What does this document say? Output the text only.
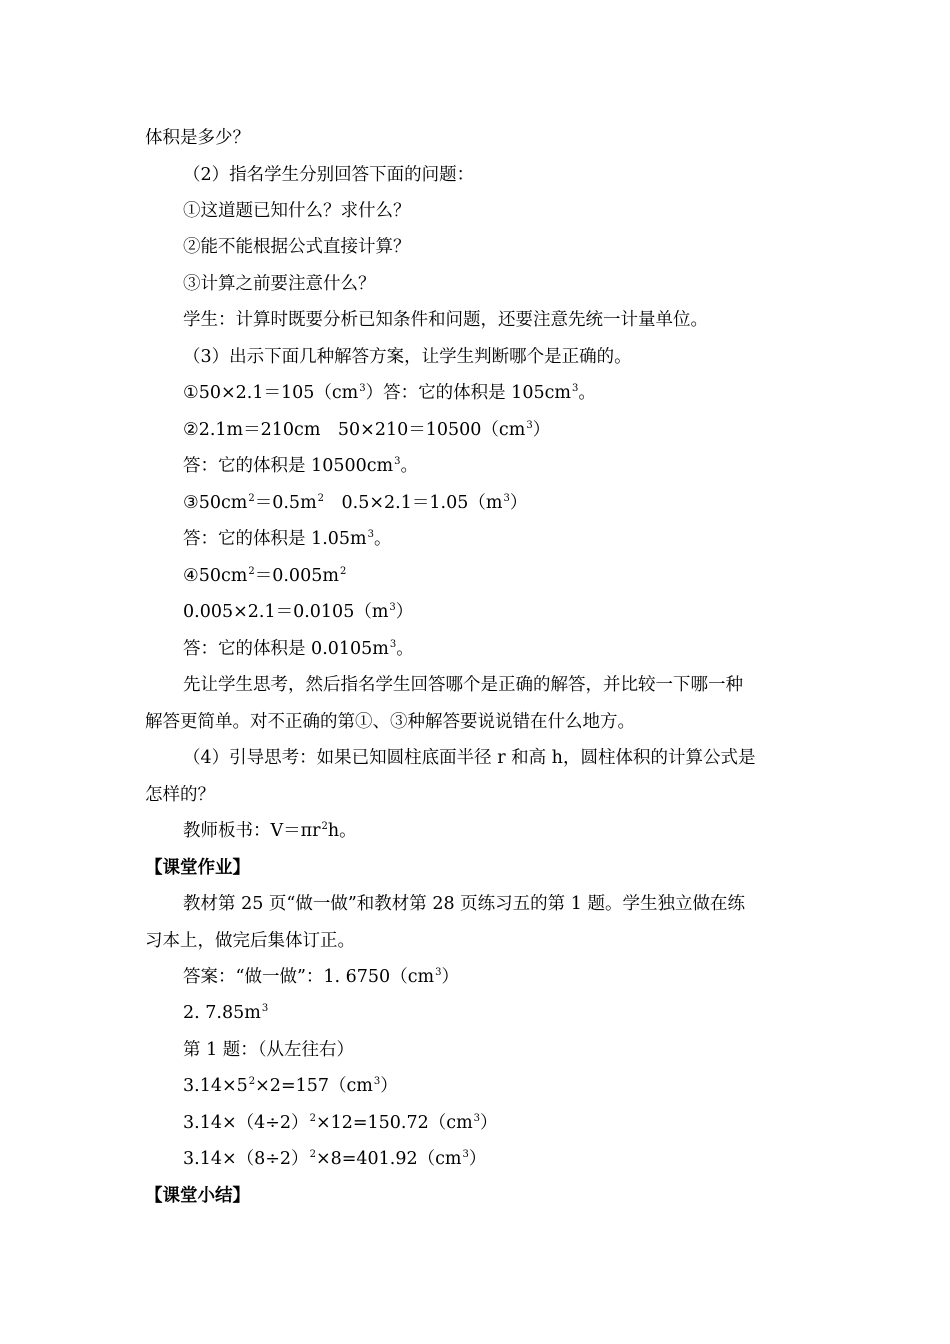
体积是多少？
（2）指名学生分别回答下面的问题：
①这道题已知什么？求什么？
②能不能根据公式直接计算？
③计算之前要注意什么？
学生：计算时既要分析已知条件和问题，还要注意先统一计量单位。
（3）出示下面几种解答方案，让学生判断哪个是正确的。
$①50\times 2.1=105(cm^3)$答：它的体积是 $105cm^3$。
②2.1m＝210cm　$50\times 210=10500(cm^3)$
答：它的体积是 $10500cm^3$。
$③50cm^2=0.5m^2$　$0.5\times 2.1=1.05(m^3)$
答：它的体积是 $1.05m^3$。
$④50cm^2=0.005m^2$
$0.005\times 2.1=0.0105(m^3)$
答：它的体积是 $0.0105m^3$。
先让学生思考，然后指名学生回答哪个是正确的解答，并比较一下哪一种
解答更简单。对不正确的第①、③种解答要说说错在什么地方。
（4）引导思考：如果已知圆柱底面半径 r 和高 h，圆柱体积的计算公式是
怎样的？
教师板书：$V=\pi r^2h$。
【课堂作业】
教材第 25 页“做一做”和教材第 28 页练习五的第 1 题。学生独立做在练
习本上，做完后集体订正。
答案：“做一做”：1. $6750(cm^3)$
2. $7.85m^3$
第 1 题：（从左往右）
$3.14\times 5^2\times 2=157(cm^3)$
$3.14\times(4\div 2)^2\times 12=150.72(cm^3)$
$3.14\times(8\div 2)^2\times 8=401.92(cm^3)$
【课堂小结】
